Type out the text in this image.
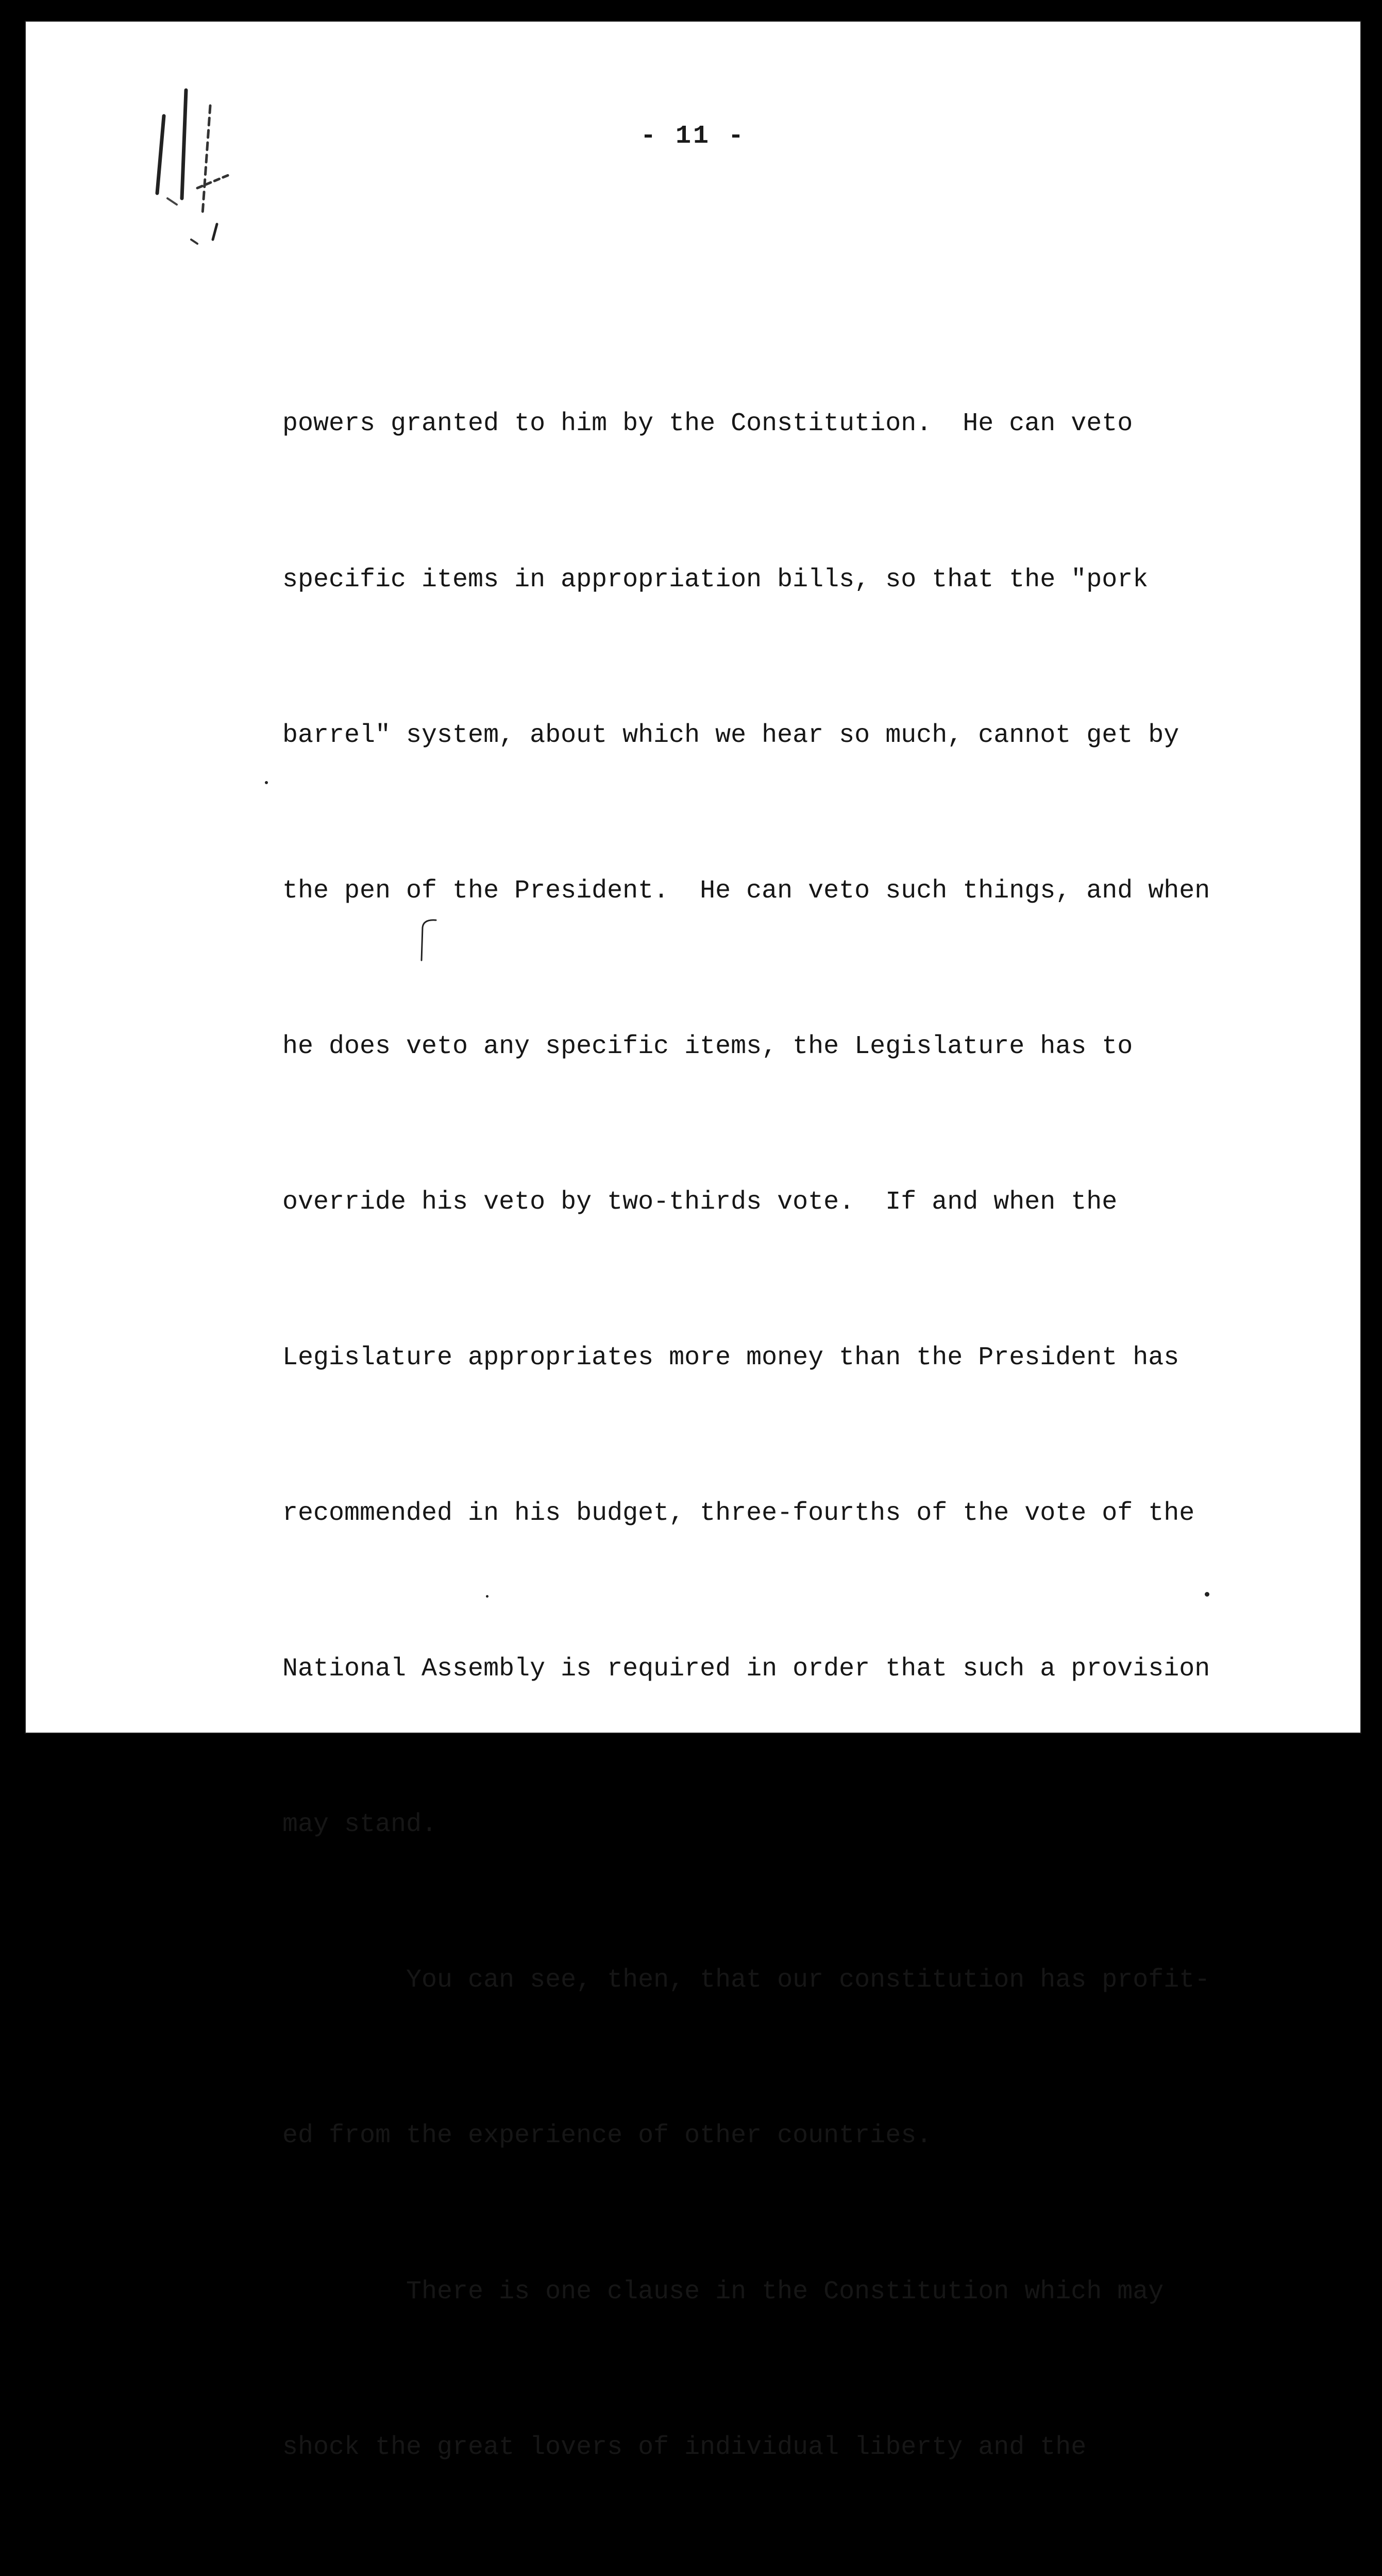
- 11 -

powers granted to him by the Constitution.  He can veto

specific items in appropriation bills, so that the "pork

barrel" system, about which we hear so much, cannot get by

the pen of the President.  He can veto such things, and when

he does veto any specific items, the Legislature has to

override his veto by two-thirds vote.  If and when the

Legislature appropriates more money than the President has

recommended in his budget, three-fourths of the vote of the

National Assembly is required in order that such a provision

may stand.

You can see, then, that our constitution has profit-

ed from the experience of other countries.

There is one clause in the Constitution which may

shock the great lovers of individual liberty and the
